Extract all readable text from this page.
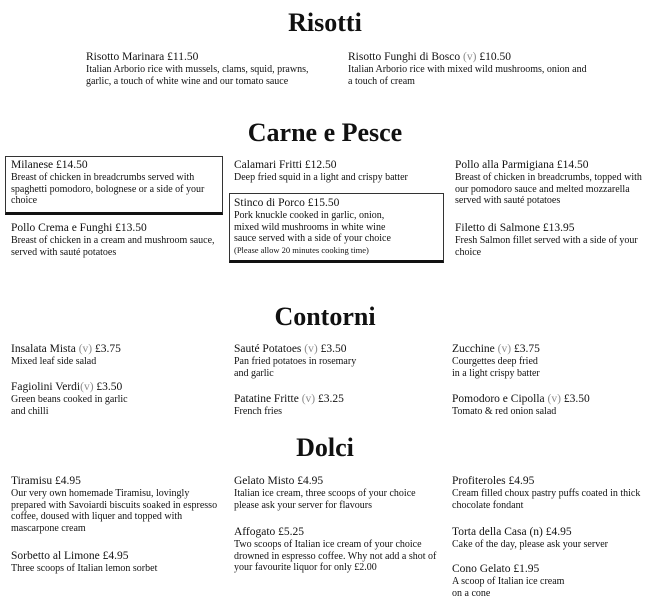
Risotti
Risotto Marinara £11.50
Italian Arborio rice with mussels, clams, squid, prawns,
garlic, a touch of white wine and our tomato sauce
Risotto Funghi di Bosco (v) £10.50
Italian Arborio rice with mixed wild mushrooms, onion and
a touch of cream
Carne e Pesce
Milanese £14.50
Breast of chicken in breadcrumbs served with
spaghetti pomodoro, bolognese or a side of your
choice
Pollo Crema e Funghi £13.50
Breast of chicken in a cream and mushroom sauce,
served with sauté potatoes
Calamari Fritti £12.50
Deep fried squid in a light and crispy batter
Stinco di Porco £15.50
Pork knuckle cooked in garlic, onion,
mixed wild mushrooms in white wine
sauce served with a side of your choice
(Please allow 20 minutes cooking time)
Pollo alla Parmigiana £14.50
Breast of chicken in breadcrumbs, topped with
our pomodoro sauce and melted mozzarella
served with sauté potatoes
Filetto di Salmone £13.95
Fresh Salmon fillet served with a side of your
choice
Contorni
Insalata Mista (v) £3.75
Mixed leaf side salad
Fagiolini Verdi(v) £3.50
Green beans cooked in garlic
and chilli
Sauté Potatoes (v) £3.50
Pan fried potatoes in rosemary
and garlic
Patatine Fritte (v) £3.25
French fries
Zucchine (v) £3.75
Courgettes deep fried
in a light crispy batter
Pomodoro e Cipolla (v) £3.50
Tomato & red onion salad
Dolci
Tiramisu £4.95
Our very own homemade Tiramisu, lovingly
prepared with Savoiardi biscuits soaked in espresso
coffee, doused with liquer and topped with
mascarpone cream
Sorbetto al Limone £4.95
Three scoops of Italian lemon sorbet
Gelato Misto £4.95
Italian ice cream, three scoops of your choice
please ask your server for flavours
Affogato £5.25
Two scoops of Italian ice cream of your choice
drowned in espresso coffee. Why not add a shot of
your favourite liquor for only £2.00
Profiteroles £4.95
Cream filled choux pastry puffs coated in thick
chocolate fondant
Torta della Casa (n) £4.95
Cake of the day, please ask your server
Cono Gelato £1.95
A scoop of Italian ice cream
on a cone
